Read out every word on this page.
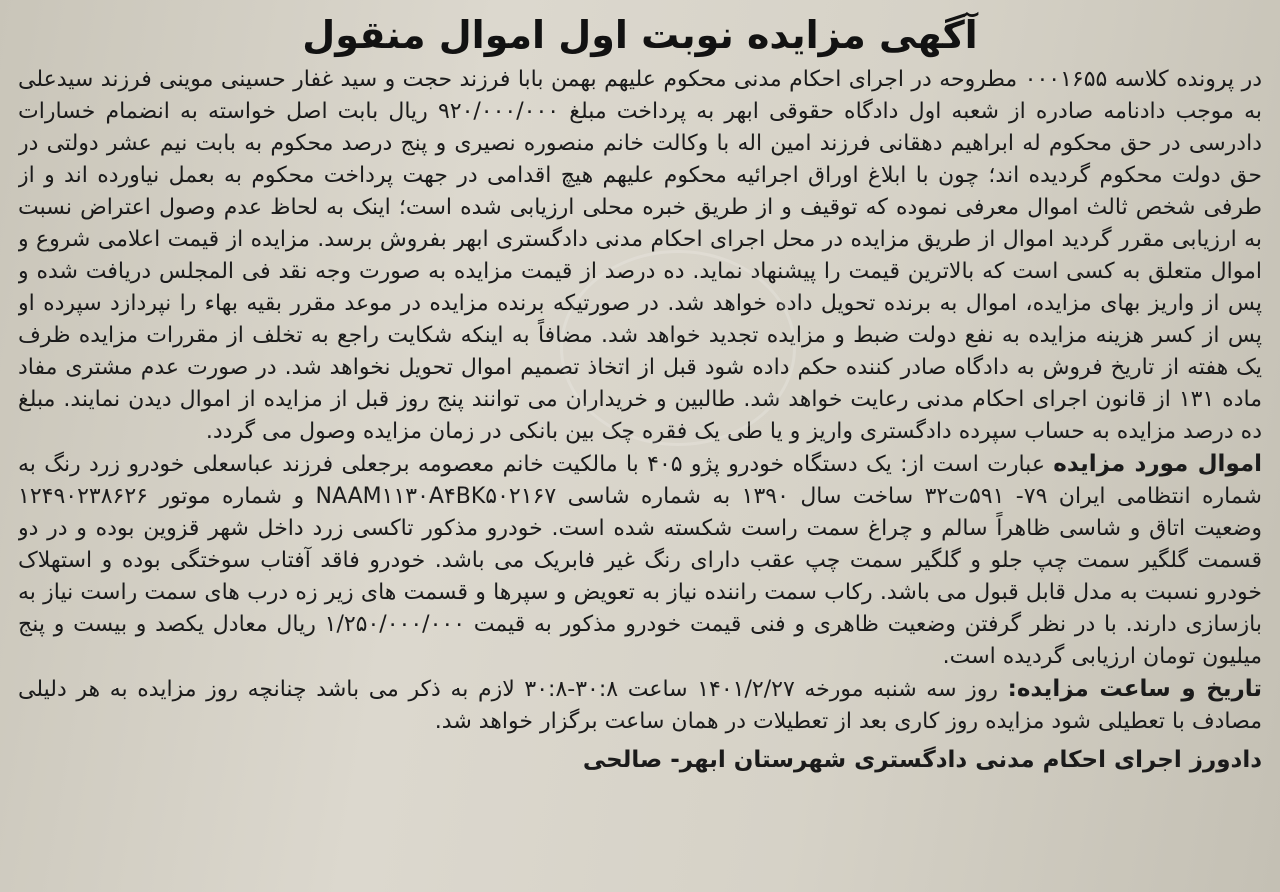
آگهی مزایده نوبت اول اموال منقول
در پرونده کلاسه ۰۰۰۱۶۵۵ مطروحه در اجرای احکام مدنی محکوم علیهم بهمن بابا فرزند حجت و سید غفار حسینی موینی فرزند سیدعلی به موجب دادنامه صادره از شعبه اول دادگاه حقوقی ابهر به پرداخت مبلغ ۹۲۰/۰۰۰/۰۰۰ ریال بابت اصل خواسته به انضمام خسارات دادرسی در حق محکوم له ابراهیم دهقانی فرزند امین اله با وکالت خانم منصوره نصیری و پنج درصد محکوم به بابت نیم عشر دولتی در حق دولت محکوم گردیده اند؛ چون با ابلاغ اوراق اجرائیه محکوم علیهم هیچ اقدامی در جهت پرداخت محکوم به بعمل نیاورده اند و از طرفی شخص ثالث اموال معرفی نموده که توقیف و از طریق خبره محلی ارزیابی شده است؛ اینک به لحاظ عدم وصول اعتراض نسبت به ارزیابی مقرر گردید اموال از طریق مزایده در محل اجرای احکام مدنی دادگستری ابهر بفروش برسد. مزایده از قیمت اعلامی شروع و اموال متعلق به کسی است که بالاترین قیمت را پیشنهاد نماید. ده درصد از قیمت مزایده به صورت وجه نقد فی المجلس دریافت شده و پس از واریز بهای مزایده، اموال به برنده تحویل داده خواهد شد. در صورتیکه برنده مزایده در موعد مقرر بقیه بهاء را نپردازد سپرده او پس از کسر هزینه مزایده به نفع دولت ضبط و مزایده تجدید خواهد شد. مضافاً به اینکه شکایت راجع به تخلف از مقررات مزایده ظرف یک هفته از تاریخ فروش به دادگاه صادر کننده حکم داده شود قبل از اتخاذ تصمیم اموال تحویل نخواهد شد. در صورت عدم مشتری مفاد ماده ۱۳۱ از قانون اجرای احکام مدنی رعایت خواهد شد. طالبین و خریداران می توانند پنج روز قبل از مزایده از اموال دیدن نمایند. مبلغ ده درصد مزایده به حساب سپرده دادگستری واریز و یا طی یک فقره چک بین بانکی در زمان مزایده وصول می گردد.
اموال مورد مزایده عبارت است از: یک دستگاه خودرو پژو ۴۰۵ با مالکیت خانم معصومه برجعلی فرزند عباسعلی خودرو زرد رنگ به شماره انتظامی ایران ۷۹- ۵۹۱ت۳۲ ساخت سال ۱۳۹۰ به شماره شاسی NAAM۱۱۳۰A۴BK۵۰۲۱۶۷ و شماره موتور ۱۲۴۹۰۲۳۸۶۲۶ وضعیت اتاق و شاسی ظاهراً سالم و چراغ سمت راست شکسته شده است. خودرو مذکور تاکسی زرد داخل شهر قزوین بوده و در دو قسمت گلگیر سمت چپ جلو و گلگیر سمت چپ عقب دارای رنگ غیر فابریک می باشد. خودرو فاقد آفتاب سوختگی بوده و استهلاک خودرو نسبت به مدل قابل قبول می باشد. رکاب سمت راننده نیاز به تعویض و سپرها و قسمت های زیر زه درب های سمت راست نیاز به بازسازی دارند. با در نظر گرفتن وضعیت ظاهری و فنی قیمت خودرو مذکور به قیمت ۱/۲۵۰/۰۰۰/۰۰۰ ریال معادل یکصد و بیست و پنج میلیون تومان ارزیابی گردیده است.
تاریخ و ساعت مزایده: روز سه شنبه مورخه ۱۴۰۱/۲/۲۷ ساعت ۳۰:۸-۳۰:۸ لازم به ذکر می باشد چنانچه روز مزایده به هر دلیلی مصادف با تعطیلی شود مزایده روز کاری بعد از تعطیلات در همان ساعت برگزار خواهد شد.
دادورز اجرای احکام مدنی دادگستری شهرستان ابهر- صالحی
